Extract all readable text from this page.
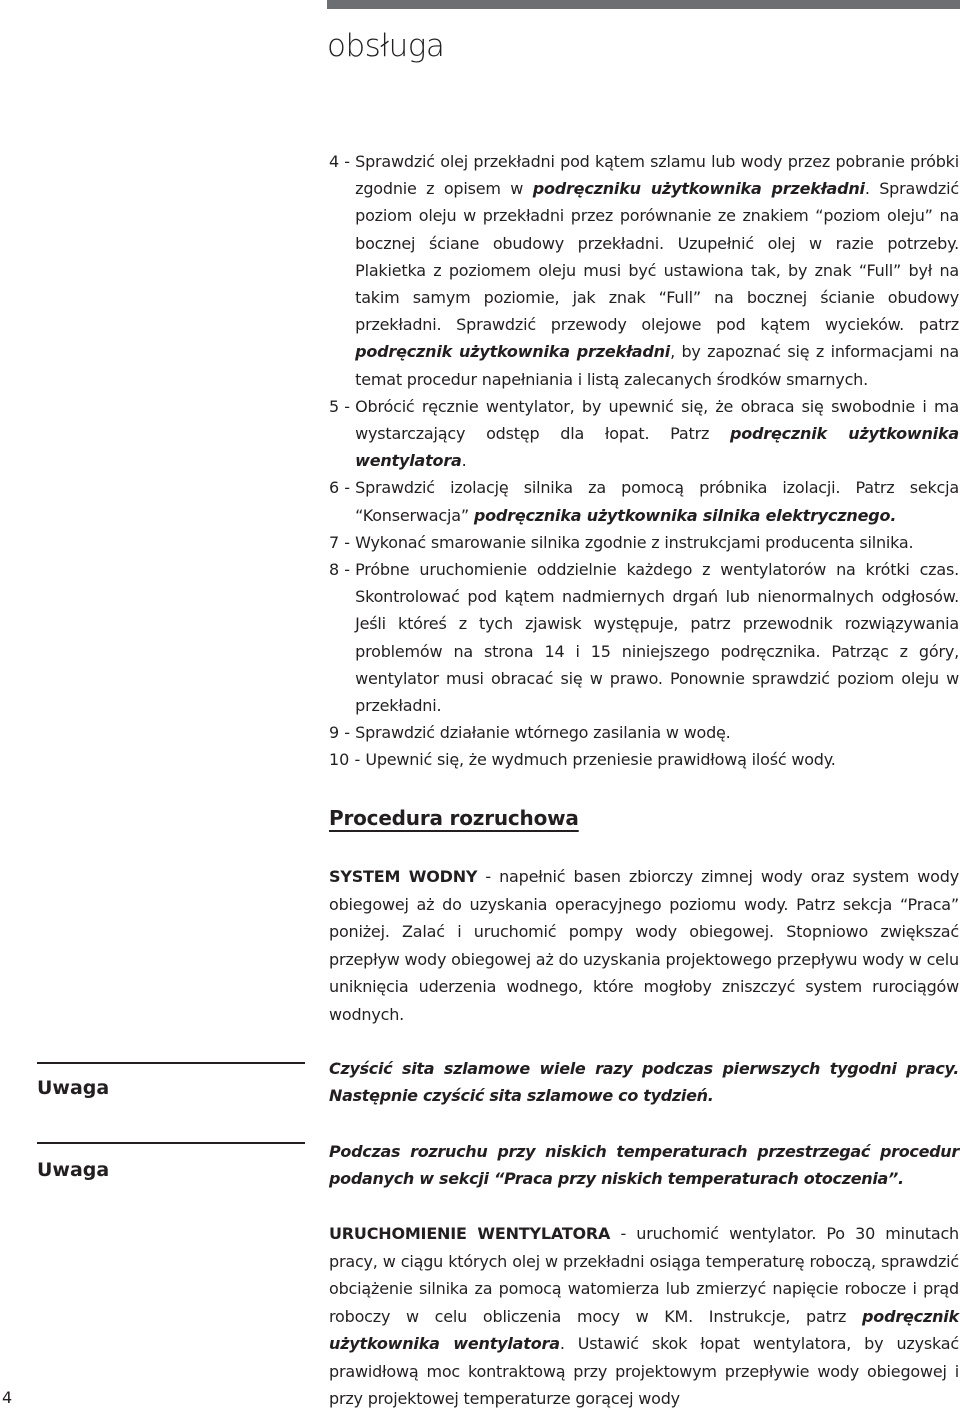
obsługa
4 - Sprawdzić olej przekładni pod kątem szlamu lub wody przez pobranie próbki zgodnie z opisem w podręczniku użytkownika przekładni. Sprawdzić poziom oleju w przekładni przez porównanie ze znakiem “poziom oleju” na bocznej ściane obudowy przekładni. Uzupełnić olej w razie potrzeby. Plakietka z poziomem oleju musi być ustawiona tak, by znak “Full” był na takim samym poziomie, jak znak “Full” na bocznej ścianie obudowy przekładni. Sprawdzić przewody olejowe pod kątem wycieków. patrz podręcznik użytkownika przekładni, by zapoznać się z informacjami na temat procedur napełniania i listą zalecanych środków smarnych.
5 - Obrócić ręcznie wentylator, by upewnić się, że obraca się swobodnie i ma wystarczający odstęp dla łopat. Patrz podręcznik użytkownika wentylatora.
6 - Sprawdzić izolację silnika za pomocą próbnika izolacji. Patrz sekcja “Konserwacja” podręcznika użytkownika silnika elektrycznego.
7 - Wykonać smarowanie silnika zgodnie z instrukcjami producenta silnika.
8 - Próbne uruchomienie oddzielnie każdego z wentylatorów na krótki czas. Skontrolować pod kątem nadmiernych drgań lub nienormalnych odgłosów. Jeśli któreś z tych zjawisk występuje, patrz przewodnik rozwiązywania problemów na strona 14 i 15 niniejszego podręcznika. Patrząc z góry, wentylator musi obracać się w prawo. Ponownie sprawdzić poziom oleju w przekładni.
9 - Sprawdzić działanie wtórnego zasilania w wodę.
10 - Upewnić się, że wydmuch przeniesie prawidłową ilość wody.
Procedura rozruchowa
SYSTEM WODNY - napełnić basen zbiorczy zimnej wody oraz system wody obiegowej aż do uzyskania operacyjnego poziomu wody. Patrz sekcja “Praca” poniżej. Zalać i uruchomić pompy wody obiegowej. Stopniowo zwiększać przepływ wody obiegowej aż do uzyskania projektowego przepływu wody w celu uniknięcia uderzenia wodnego, które mogłoby zniszczyć system rurociągów wodnych.
Uwaga
Czyścić sita szlamowe wiele razy podczas pierwszych tygodni pracy. Następnie czyścić sita szlamowe co tydzień.
Uwaga
Podczas rozruchu przy niskich temperaturach przestrzegać procedur podanych w sekcji “Praca przy niskich temperaturach otoczenia”.
URUCHOMIENIE WENTYLATORA - uruchomić wentylator. Po 30 minutach pracy, w ciągu których olej w przekładni osiąga temperaturę roboczą, sprawdzić obciążenie silnika za pomocą watomierza lub zmierzyć napięcie robocze i prąd roboczy w celu obliczenia mocy w KM. Instrukcje, patrz podręcznik użytkownika wentylatora. Ustawić skok łopat wentylatora, by uzyskać prawidłową moc kontraktową przy projektowym przepływie wody obiegowej i przy projektowej temperaturze gorącej wody
4
